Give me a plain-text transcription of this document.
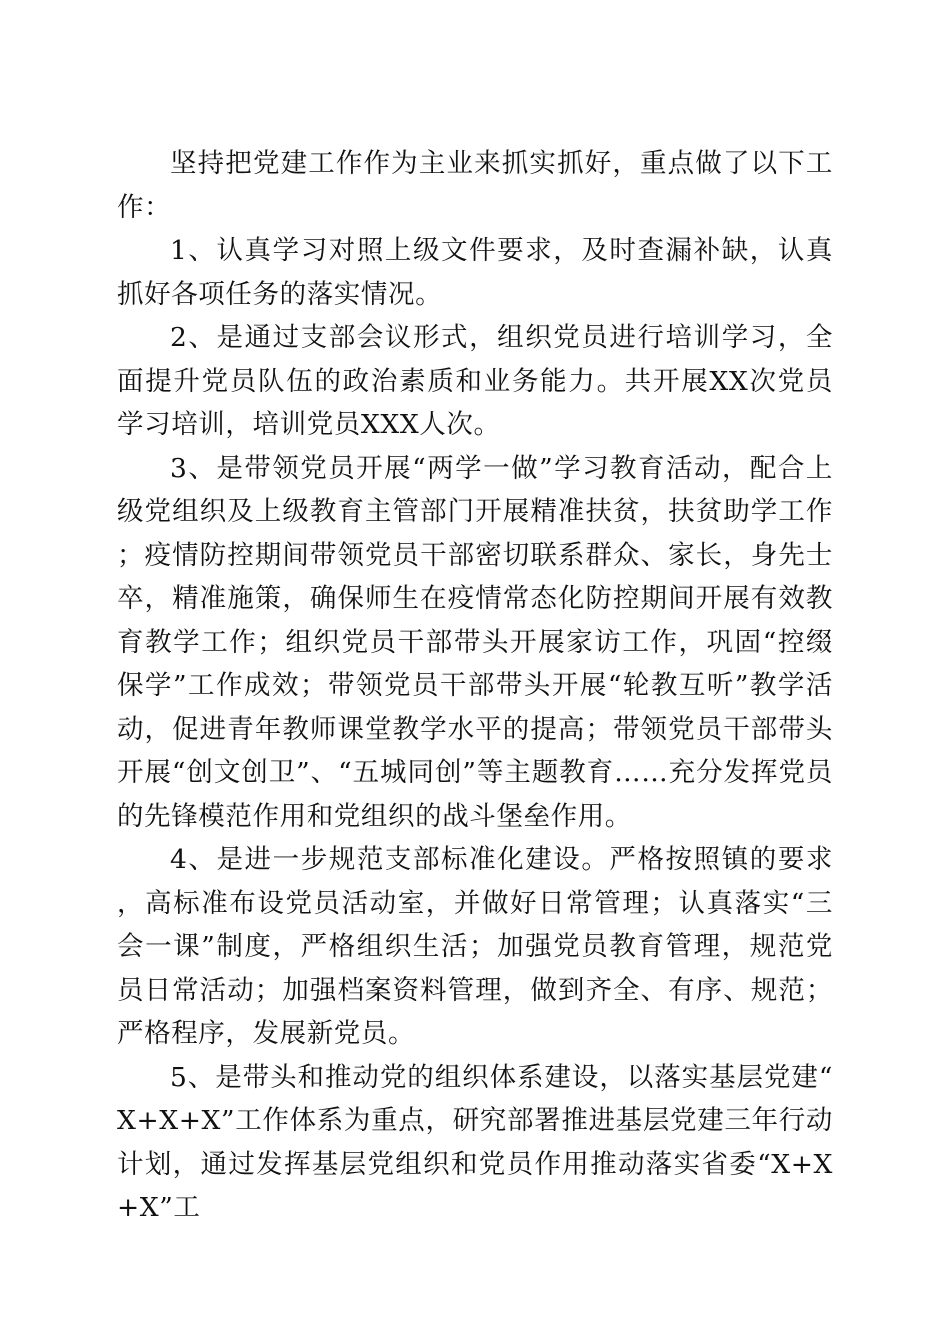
坚持把党建工作作为主业来抓实抓好，重点做了以下工作：

1、认真学习对照上级文件要求，及时查漏补缺，认真抓好各项任务的落实情况。

2、是通过支部会议形式，组织党员进行培训学习，全面提升党员队伍的政治素质和业务能力。共开展XX次党员学习培训，培训党员XXX人次。

3、是带领党员开展“两学一做”学习教育活动，配合上级党组织及上级教育主管部门开展精准扶贫，扶贫助学工作；疫情防控期间带领党员干部密切联系群众、家长，身先士卒，精准施策，确保师生在疫情常态化防控期间开展有效教育教学工作；组织党员干部带头开展家访工作，巩固“控缀保学”工作成效；带领党员干部带头开展“轮教互听”教学活动，促进青年教师课堂教学水平的提高；带领党员干部带头开展“创文创卫”、“五城同创”等主题教育……充分发挥党员的先锋模范作用和党组织的战斗堡垒作用。

4、是进一步规范支部标准化建设。严格按照镇的要求，高标准布设党员活动室，并做好日常管理；认真落实“三会一课”制度，严格组织生活；加强党员教育管理，规范党员日常活动；加强档案资料管理，做到齐全、有序、规范；严格程序，发展新党员。

5、是带头和推动党的组织体系建设，以落实基层党建“X+X+X”工作体系为重点，研究部署推进基层党建三年行动计划，通过发挥基层党组织和党员作用推动落实省委“X+X+X”工
